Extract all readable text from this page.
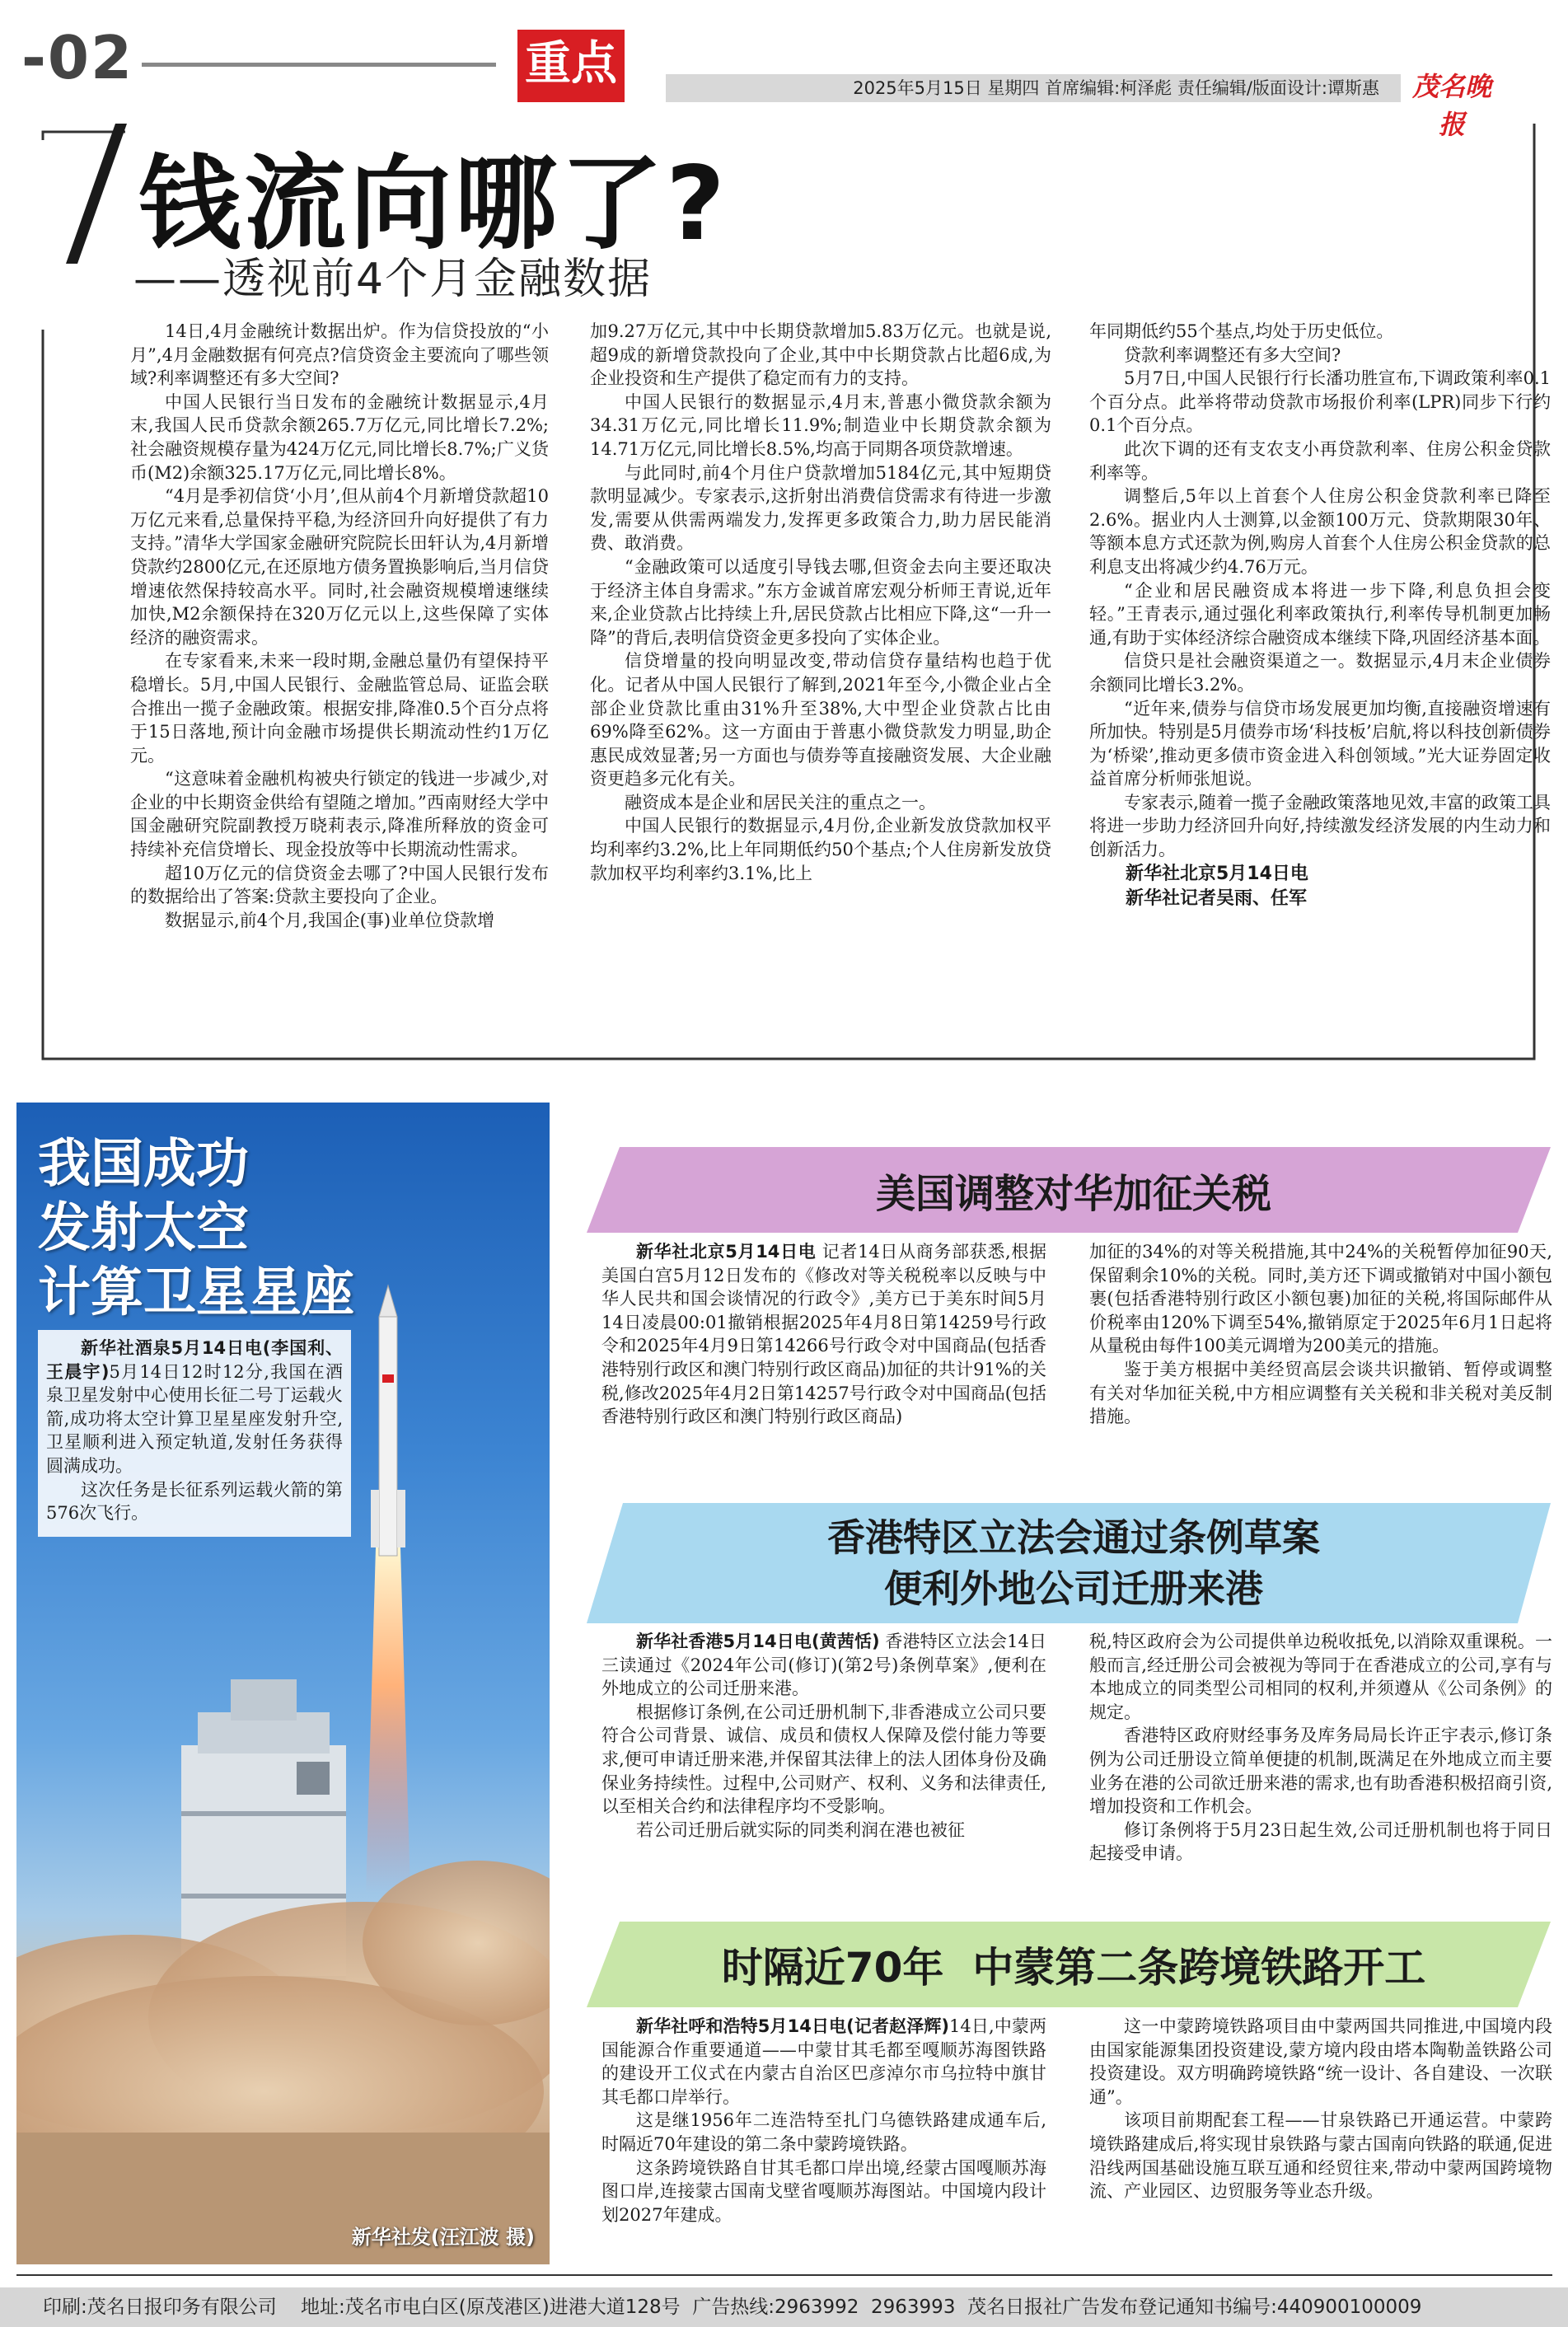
-02	重点	2025年5月15日 星期四 首席编辑:柯泽彪 责任编辑/版面设计:谭斯惠	茂名晚报
钱流向哪了?
——透视前4个月金融数据

14日,4月金融统计数据出炉。作为信贷投放的“小月”,4月金融数据有何亮点?信贷资金主要流向了哪些领域?利率调整还有多大空间?

中国人民银行当日发布的金融统计数据显示,4月末,我国人民币贷款余额265.7万亿元,同比增长7.2%;社会融资规模存量为424万亿元,同比增长8.7%;广义货币(M2)余额325.17万亿元,同比增长8%。

“4月是季初信贷‘小月’,但从前4个月新增贷款超10万亿元来看,总量保持平稳,为经济回升向好提供了有力支持。”清华大学国家金融研究院院长田轩认为,4月新增贷款约2800亿元,在还原地方债务置换影响后,当月信贷增速依然保持较高水平。同时,社会融资规模增速继续加快,M2余额保持在320万亿元以上,这些保障了实体经济的融资需求。

在专家看来,未来一段时期,金融总量仍有望保持平稳增长。5月,中国人民银行、金融监管总局、证监会联合推出一揽子金融政策。根据安排,降准0.5个百分点将于15日落地,预计向金融市场提供长期流动性约1万亿元。

“这意味着金融机构被央行锁定的钱进一步减少,对企业的中长期资金供给有望随之增加。”西南财经大学中国金融研究院副教授万晓莉表示,降准所释放的资金可持续补充信贷增长、现金投放等中长期流动性需求。

超10万亿元的信贷资金去哪了?中国人民银行发布的数据给出了答案:贷款主要投向了企业。

数据显示,前4个月,我国企(事)业单位贷款增

加9.27万亿元,其中中长期贷款增加5.83万亿元。也就是说,超9成的新增贷款投向了企业,其中中长期贷款占比超6成,为企业投资和生产提供了稳定而有力的支持。

中国人民银行的数据显示,4月末,普惠小微贷款余额为34.31万亿元,同比增长11.9%;制造业中长期贷款余额为14.71万亿元,同比增长8.5%,均高于同期各项贷款增速。

与此同时,前4个月住户贷款增加5184亿元,其中短期贷款明显减少。专家表示,这折射出消费信贷需求有待进一步激发,需要从供需两端发力,发挥更多政策合力,助力居民能消费、敢消费。

“金融政策可以适度引导钱去哪,但资金去向主要还取决于经济主体自身需求。”东方金诚首席宏观分析师王青说,近年来,企业贷款占比持续上升,居民贷款占比相应下降,这“一升一降”的背后,表明信贷资金更多投向了实体企业。

信贷增量的投向明显改变,带动信贷存量结构也趋于优化。记者从中国人民银行了解到,2021年至今,小微企业占全部企业贷款比重由31%升至38%,大中型企业贷款占比由69%降至62%。这一方面由于普惠小微贷款发力明显,助企惠民成效显著;另一方面也与债券等直接融资发展、大企业融资更趋多元化有关。

融资成本是企业和居民关注的重点之一。

中国人民银行的数据显示,4月份,企业新发放贷款加权平均利率约3.2%,比上年同期低约50个基点;个人住房新发放贷款加权平均利率约3.1%,比上

年同期低约55个基点,均处于历史低位。

贷款利率调整还有多大空间?

5月7日,中国人民银行行长潘功胜宣布,下调政策利率0.1个百分点。此举将带动贷款市场报价利率(LPR)同步下行约0.1个百分点。

此次下调的还有支农支小再贷款利率、住房公积金贷款利率等。

调整后,5年以上首套个人住房公积金贷款利率已降至2.6%。据业内人士测算,以金额100万元、贷款期限30年、等额本息方式还款为例,购房人首套个人住房公积金贷款的总利息支出将减少约4.76万元。

“企业和居民融资成本将进一步下降,利息负担会变轻。”王青表示,通过强化利率政策执行,利率传导机制更加畅通,有助于实体经济综合融资成本继续下降,巩固经济基本面。

信贷只是社会融资渠道之一。数据显示,4月末企业债券余额同比增长3.2%。

“近年来,债券与信贷市场发展更加均衡,直接融资增速有所加快。特别是5月债券市场‘科技板’启航,将以科技创新债券为‘桥梁’,推动更多债市资金进入科创领域。”光大证券固定收益首席分析师张旭说。

专家表示,随着一揽子金融政策落地见效,丰富的政策工具将进一步助力经济回升向好,持续激发经济发展的内生动力和创新活力。

新华社北京5月14日电
新华社记者吴雨、任军
我国成功
发射太空
计算卫星星座

新华社酒泉5月14日电(李国利、王晨宇)5月14日12时12分,我国在酒泉卫星发射中心使用长征二号丁运载火箭,成功将太空计算卫星星座发射升空,卫星顺利进入预定轨道,发射任务获得圆满成功。

这次任务是长征系列运载火箭的第576次飞行。

新华社发(汪江波 摄)
美国调整对华加征关税

新华社北京5月14日电 记者14日从商务部获悉,根据美国白宫5月12日发布的《修改对等关税税率以反映与中华人民共和国会谈情况的行政令》,美方已于美东时间5月14日凌晨00:01撤销根据2025年4月8日第14259号行政令和2025年4月9日第14266号行政令对中国商品(包括香港特别行政区和澳门特别行政区商品)加征的共计91%的关税,修改2025年4月2日第14257号行政令对中国商品(包括香港特别行政区和澳门特别行政区商品)

加征的34%的对等关税措施,其中24%的关税暂停加征90天,保留剩余10%的关税。同时,美方还下调或撤销对中国小额包裹(包括香港特别行政区小额包裹)加征的关税,将国际邮件从价税率由120%下调至54%,撤销原定于2025年6月1日起将从量税由每件100美元调增为200美元的措施。

鉴于美方根据中美经贸高层会谈共识撤销、暂停或调整有关对华加征关税,中方相应调整有关关税和非关税对美反制措施。

香港特区立法会通过条例草案
便利外地公司迁册来港

新华社香港5月14日电(黄茜恬) 香港特区立法会14日三读通过《2024年公司(修订)(第2号)条例草案》,便利在外地成立的公司迁册来港。

根据修订条例,在公司迁册机制下,非香港成立公司只要符合公司背景、诚信、成员和债权人保障及偿付能力等要求,便可申请迁册来港,并保留其法律上的法人团体身份及确保业务持续性。过程中,公司财产、权利、义务和法律责任,以至相关合约和法律程序均不受影响。

若公司迁册后就实际的同类利润在港也被征

税,特区政府会为公司提供单边税收抵免,以消除双重课税。一般而言,经迁册公司会被视为等同于在香港成立的公司,享有与本地成立的同类型公司相同的权利,并须遵从《公司条例》的规定。

香港特区政府财经事务及库务局局长许正宇表示,修订条例为公司迁册设立简单便捷的机制,既满足在外地成立而主要业务在港的公司欲迁册来港的需求,也有助香港积极招商引资,增加投资和工作机会。

修订条例将于5月23日起生效,公司迁册机制也将于同日起接受申请。

时隔近70年  中蒙第二条跨境铁路开工

新华社呼和浩特5月14日电(记者赵泽辉)14日,中蒙两国能源合作重要通道——中蒙甘其毛都至嘎顺苏海图铁路的建设开工仪式在内蒙古自治区巴彦淖尔市乌拉特中旗甘其毛都口岸举行。

这是继1956年二连浩特至扎门乌德铁路建成通车后,时隔近70年建设的第二条中蒙跨境铁路。

这条跨境铁路自甘其毛都口岸出境,经蒙古国嘎顺苏海图口岸,连接蒙古国南戈壁省嘎顺苏海图站。中国境内段计划2027年建成。

这一中蒙跨境铁路项目由中蒙两国共同推进,中国境内段由国家能源集团投资建设,蒙方境内段由塔本陶勒盖铁路公司投资建设。双方明确跨境铁路“统一设计、各自建设、一次联通”。

该项目前期配套工程——甘泉铁路已开通运营。中蒙跨境铁路建成后,将实现甘泉铁路与蒙古国南向铁路的联通,促进沿线两国基础设施互联互通和经贸往来,带动中蒙两国跨境物流、产业园区、边贸服务等业态升级。

印刷:茂名日报印务有限公司    地址:茂名市电白区(原茂港区)进港大道128号  广告热线:2963992  2963993  茂名日报社广告发布登记通知书编号:440900100009
